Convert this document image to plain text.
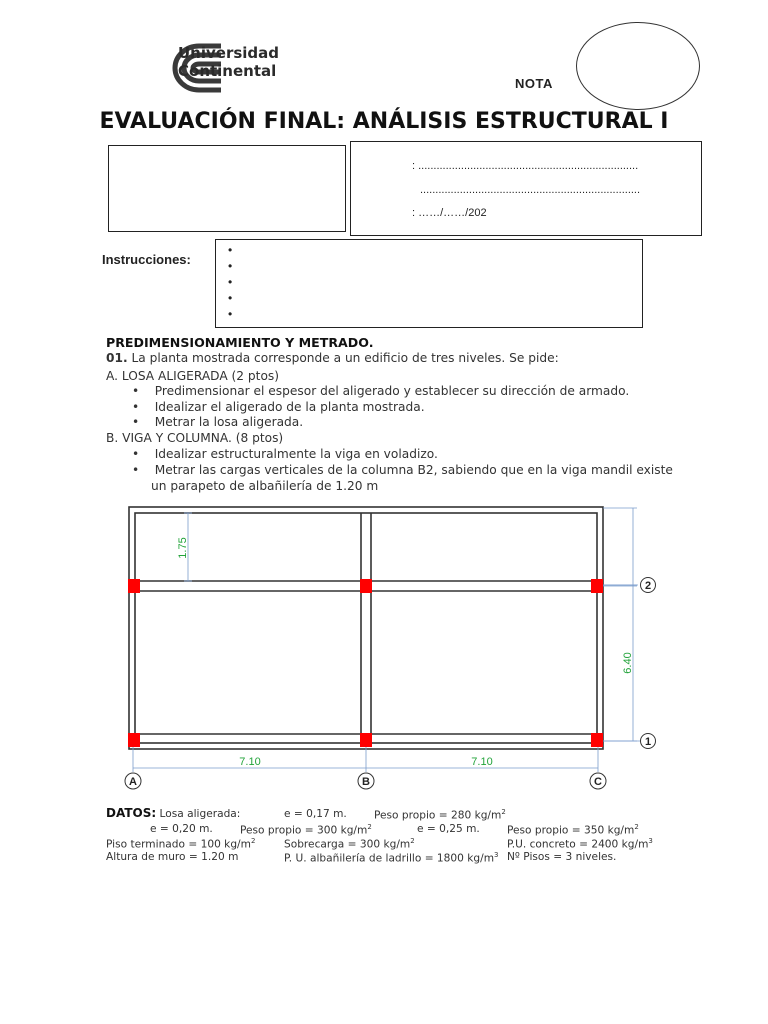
Universidad
Continental
NOTA
EVALUACIÓN FINAL: ANÁLISIS ESTRUCTURAL I
: ........................................................................
........................................................................
: ……/……/202
Instrucciones:
•
•
•
•
•
PREDIMENSIONAMIENTO Y METRADO.
01. La planta mostrada corresponde a un edificio de tres niveles. Se pide:
A. LOSA ALIGERADA (2 ptos)
•    Predimensionar el espesor del aligerado y establecer su dirección de armado.
•    Idealizar el aligerado de la planta mostrada.
•    Metrar la losa aligerada.
B. VIGA Y COLUMNA. (8 ptos)
•    Idealizar estructuralmente la viga en voladizo.
•    Metrar las cargas verticales de la columna B2, sabiendo que en la viga mandil existe
un parapeto de albañilería de 1.20 m
1.75
6.40
2
1
7.10	7.10
A	B	C
DATOS: Losa aligerada:	e = 0,17 m.	Peso propio = 280 $kg/m^2$
e = 0,20 m.	Peso propio = 300 $kg/m^2$	e = 0,25 m.	Peso propio = 350 $kg/m^2$
Piso terminado = 100 $kg/m^2$	Sobrecarga = 300 $kg/m^2$	P.U. concreto = 2400 $kg/m^3$
Altura de muro = 1.20 m	P. U. albañilería de ladrillo = 1800 $kg/m^3$ Nº Pisos = 3 niveles.
